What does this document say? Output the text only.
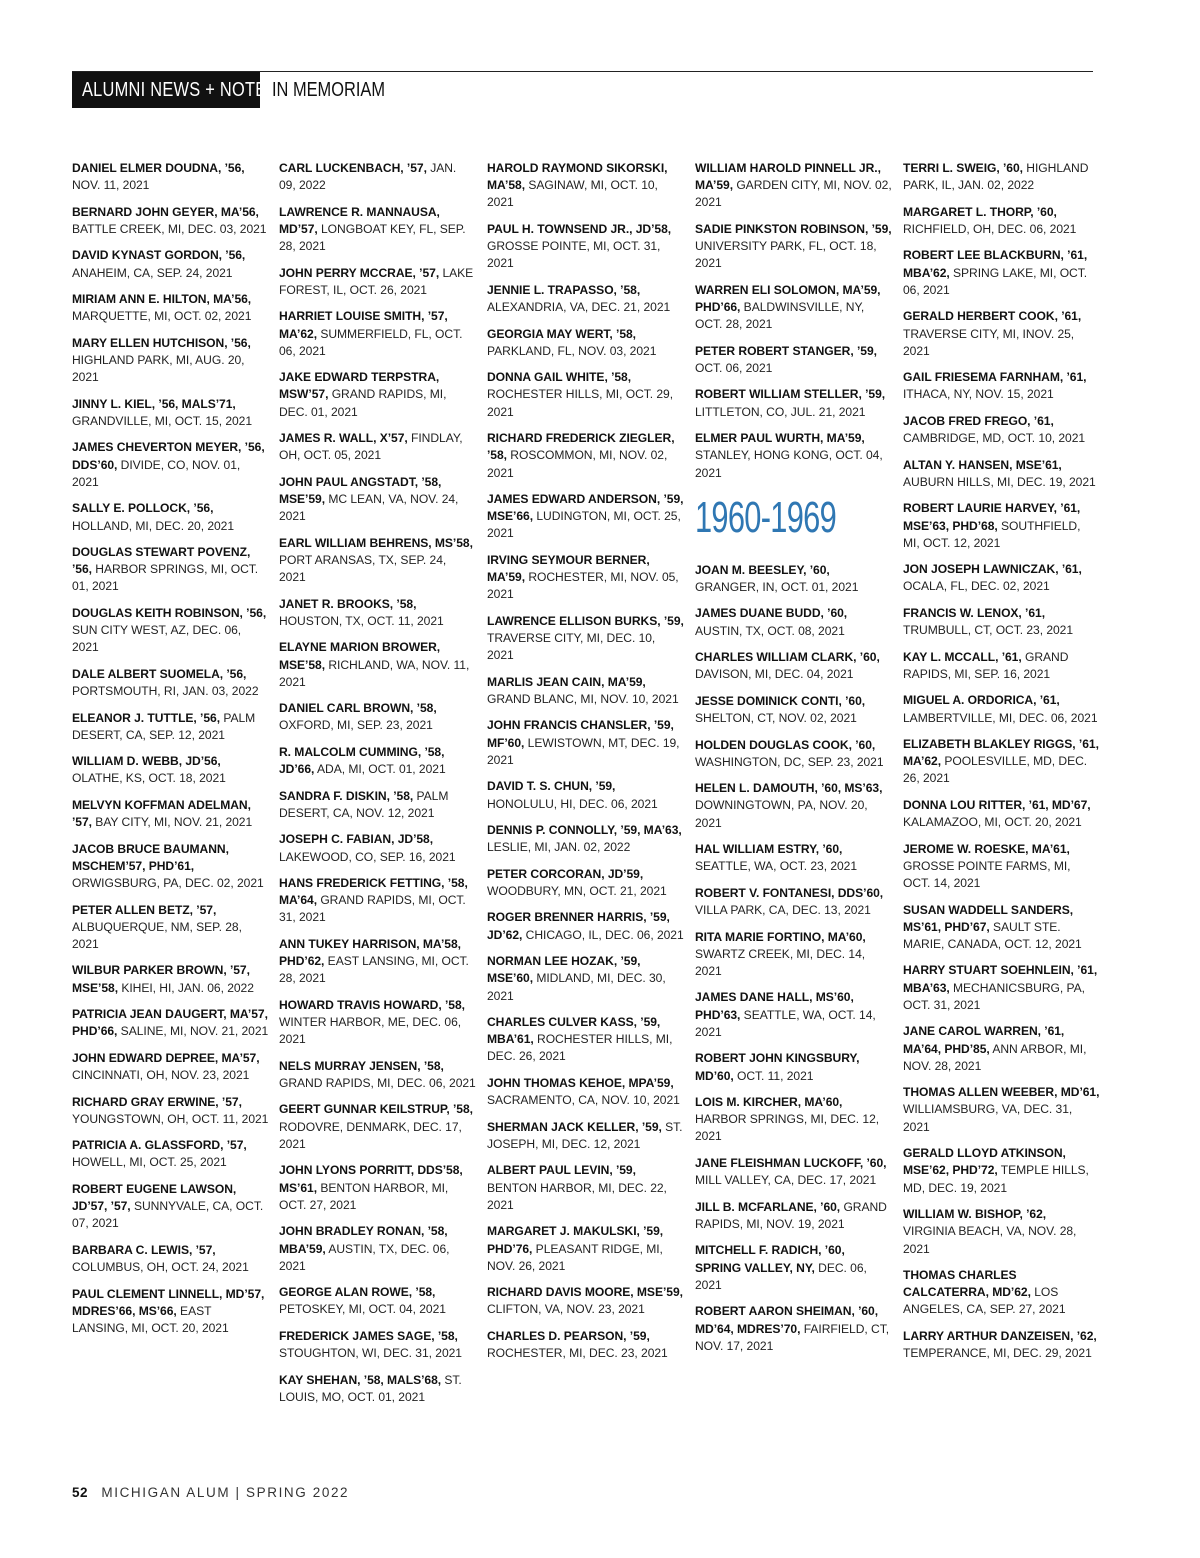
ALUMNI NEWS + NOTES
IN MEMORIAM
DANIEL ELMER DOUDNA, ’56, NOV. 11, 2021
BERNARD JOHN GEYER, MA’56, BATTLE CREEK, MI, DEC. 03, 2021
DAVID KYNAST GORDON, ’56, ANAHEIM, CA, SEP. 24, 2021
MIRIAM ANN E. HILTON, MA’56, MARQUETTE, MI, OCT. 02, 2021
MARY ELLEN HUTCHISON, ’56, HIGHLAND PARK, MI, AUG. 20, 2021
JINNY L. KIEL, ’56, MALS’71, GRANDVILLE, MI, OCT. 15, 2021
JAMES CHEVERTON MEYER, ’56, DDS’60, DIVIDE, CO, NOV. 01, 2021
SALLY E. POLLOCK, ’56, HOLLAND, MI, DEC. 20, 2021
DOUGLAS STEWART POVENZ, ’56, HARBOR SPRINGS, MI, OCT. 01, 2021
DOUGLAS KEITH ROBINSON, ’56, SUN CITY WEST, AZ, DEC. 06, 2021
DALE ALBERT SUOMELA, ’56, PORTSMOUTH, RI, JAN. 03, 2022
ELEANOR J. TUTTLE, ’56, PALM DESERT, CA, SEP. 12, 2021
WILLIAM D. WEBB, JD’56, OLATHE, KS, OCT. 18, 2021
MELVYN KOFFMAN ADELMAN, ’57, BAY CITY, MI, NOV. 21, 2021
JACOB BRUCE BAUMANN, MSCHEM’57, PHD’61, ORWIGSBURG, PA, DEC. 02, 2021
PETER ALLEN BETZ, ’57, ALBUQUERQUE, NM, SEP. 28, 2021
WILBUR PARKER BROWN, ’57, MSE’58, KIHEI, HI, JAN. 06, 2022
PATRICIA JEAN DAUGERT, MA’57, PHD’66, SALINE, MI, NOV. 21, 2021
JOHN EDWARD DEPREE, MA’57, CINCINNATI, OH, NOV. 23, 2021
RICHARD GRAY ERWINE, ’57, YOUNGSTOWN, OH, OCT. 11, 2021
PATRICIA A. GLASSFORD, ’57, HOWELL, MI, OCT. 25, 2021
ROBERT EUGENE LAWSON, JD’57, ’57, SUNNYVALE, CA, OCT. 07, 2021
BARBARA C. LEWIS, ’57, COLUMBUS, OH, OCT. 24, 2021
PAUL CLEMENT LINNELL, MD’57, MDRES’66, MS’66, EAST LANSING, MI, OCT. 20, 2021
CARL LUCKENBACH, ’57, JAN. 09, 2022
LAWRENCE R. MANNAUSA, MD’57, LONGBOAT KEY, FL, SEP. 28, 2021
JOHN PERRY MCCRAE, ’57, LAKE FOREST, IL, OCT. 26, 2021
HARRIET LOUISE SMITH, ’57, MA’62, SUMMERFIELD, FL, OCT. 06, 2021
JAKE EDWARD TERPSTRA, MSW’57, GRAND RAPIDS, MI, DEC. 01, 2021
JAMES R. WALL, X’57, FINDLAY, OH, OCT. 05, 2021
JOHN PAUL ANGSTADT, ’58, MSE’59, MC LEAN, VA, NOV. 24, 2021
EARL WILLIAM BEHRENS, MS’58, PORT ARANSAS, TX, SEP. 24, 2021
JANET R. BROOKS, ’58, HOUSTON, TX, OCT. 11, 2021
ELAYNE MARION BROWER, MSE’58, RICHLAND, WA, NOV. 11, 2021
DANIEL CARL BROWN, ’58, OXFORD, MI, SEP. 23, 2021
R. MALCOLM CUMMING, ’58, JD’66, ADA, MI, OCT. 01, 2021
SANDRA F. DISKIN, ’58, PALM DESERT, CA, NOV. 12, 2021
JOSEPH C. FABIAN, JD’58, LAKEWOOD, CO, SEP. 16, 2021
HANS FREDERICK FETTING, ’58, MA’64, GRAND RAPIDS, MI, OCT. 31, 2021
ANN TUKEY HARRISON, MA’58, PHD’62, EAST LANSING, MI, OCT. 28, 2021
HOWARD TRAVIS HOWARD, ’58, WINTER HARBOR, ME, DEC. 06, 2021
NELS MURRAY JENSEN, ’58, GRAND RAPIDS, MI, DEC. 06, 2021
GEERT GUNNAR KEILSTRUP, ’58, RODOVRE, DENMARK, DEC. 17, 2021
JOHN LYONS PORRITT, DDS’58, MS’61, BENTON HARBOR, MI, OCT. 27, 2021
JOHN BRADLEY RONAN, ’58, MBA’59, AUSTIN, TX, DEC. 06, 2021
GEORGE ALAN ROWE, ’58, PETOSKEY, MI, OCT. 04, 2021
FREDERICK JAMES SAGE, ’58, STOUGHTON, WI, DEC. 31, 2021
KAY SHEHAN, ’58, MALS’68, ST. LOUIS, MO, OCT. 01, 2021
HAROLD RAYMOND SIKORSKI, MA’58, SAGINAW, MI, OCT. 10, 2021
PAUL H. TOWNSEND JR., JD’58, GROSSE POINTE, MI, OCT. 31, 2021
JENNIE L. TRAPASSO, ’58, ALEXANDRIA, VA, DEC. 21, 2021
GEORGIA MAY WERT, ’58, PARKLAND, FL, NOV. 03, 2021
DONNA GAIL WHITE, ’58, ROCHESTER HILLS, MI, OCT. 29, 2021
RICHARD FREDERICK ZIEGLER, ’58, ROSCOMMON, MI, NOV. 02, 2021
JAMES EDWARD ANDERSON, ’59, MSE’66, LUDINGTON, MI, OCT. 25, 2021
IRVING SEYMOUR BERNER, MA’59, ROCHESTER, MI, NOV. 05, 2021
LAWRENCE ELLISON BURKS, ’59, TRAVERSE CITY, MI, DEC. 10, 2021
MARLIS JEAN CAIN, MA’59, GRAND BLANC, MI, NOV. 10, 2021
JOHN FRANCIS CHANSLER, ’59, MF’60, LEWISTOWN, MT, DEC. 19, 2021
DAVID T. S. CHUN, ’59, HONOLULU, HI, DEC. 06, 2021
DENNIS P. CONNOLLY, ’59, MA’63, LESLIE, MI, JAN. 02, 2022
PETER CORCORAN, JD’59, WOODBURY, MN, OCT. 21, 2021
ROGER BRENNER HARRIS, ’59, JD’62, CHICAGO, IL, DEC. 06, 2021
NORMAN LEE HOZAK, ’59, MSE’60, MIDLAND, MI, DEC. 30, 2021
CHARLES CULVER KASS, ’59, MBA’61, ROCHESTER HILLS, MI, DEC. 26, 2021
JOHN THOMAS KEHOE, MPA’59, SACRAMENTO, CA, NOV. 10, 2021
SHERMAN JACK KELLER, ’59, ST. JOSEPH, MI, DEC. 12, 2021
ALBERT PAUL LEVIN, ’59, BENTON HARBOR, MI, DEC. 22, 2021
MARGARET J. MAKULSKI, ’59, PHD’76, PLEASANT RIDGE, MI, NOV. 26, 2021
RICHARD DAVIS MOORE, MSE’59, CLIFTON, VA, NOV. 23, 2021
CHARLES D. PEARSON, ’59, ROCHESTER, MI, DEC. 23, 2021
WILLIAM HAROLD PINNELL JR., MA’59, GARDEN CITY, MI, NOV. 02, 2021
SADIE PINKSTON ROBINSON, ’59, UNIVERSITY PARK, FL, OCT. 18, 2021
WARREN ELI SOLOMON, MA’59, PHD’66, BALDWINSVILLE, NY, OCT. 28, 2021
PETER ROBERT STANGER, ’59, OCT. 06, 2021
ROBERT WILLIAM STELLER, ’59, LITTLETON, CO, JUL. 21, 2021
ELMER PAUL WURTH, MA’59, STANLEY, HONG KONG, OCT. 04, 2021
1960-1969
JOAN M. BEESLEY, ’60, GRANGER, IN, OCT. 01, 2021
JAMES DUANE BUDD, ’60, AUSTIN, TX, OCT. 08, 2021
CHARLES WILLIAM CLARK, ’60, DAVISON, MI, DEC. 04, 2021
JESSE DOMINICK CONTI, ’60, SHELTON, CT, NOV. 02, 2021
HOLDEN DOUGLAS COOK, ’60, WASHINGTON, DC, SEP. 23, 2021
HELEN L. DAMOUTH, ’60, MS’63, DOWNINGTOWN, PA, NOV. 20, 2021
HAL WILLIAM ESTRY, ’60, SEATTLE, WA, OCT. 23, 2021
ROBERT V. FONTANESI, DDS’60, VILLA PARK, CA, DEC. 13, 2021
RITA MARIE FORTINO, MA’60, SWARTZ CREEK, MI, DEC. 14, 2021
JAMES DANE HALL, MS’60, PHD’63, SEATTLE, WA, OCT. 14, 2021
ROBERT JOHN KINGSBURY, MD’60, OCT. 11, 2021
LOIS M. KIRCHER, MA’60, HARBOR SPRINGS, MI, DEC. 12, 2021
JANE FLEISHMAN LUCKOFF, ’60, MILL VALLEY, CA, DEC. 17, 2021
JILL B. MCFARLANE, ’60, GRAND RAPIDS, MI, NOV. 19, 2021
MITCHELL F. RADICH, ’60, SPRING VALLEY, NY, DEC. 06, 2021
ROBERT AARON SHEIMAN, ’60, MD’64, MDRES’70, FAIRFIELD, CT, NOV. 17, 2021
TERRI L. SWEIG, ’60, HIGHLAND PARK, IL, JAN. 02, 2022
MARGARET L. THORP, ’60, RICHFIELD, OH, DEC. 06, 2021
ROBERT LEE BLACKBURN, ’61, MBA’62, SPRING LAKE, MI, OCT. 06, 2021
GERALD HERBERT COOK, ’61, TRAVERSE CITY, MI, INOV. 25, 2021
GAIL FRIESEMA FARNHAM, ’61, ITHACA, NY, NOV. 15, 2021
JACOB FRED FREGO, ’61, CAMBRIDGE, MD, OCT. 10, 2021
ALTAN Y. HANSEN, MSE’61, AUBURN HILLS, MI, DEC. 19, 2021
ROBERT LAURIE HARVEY, ’61, MSE’63, PHD’68, SOUTHFIELD, MI, OCT. 12, 2021
JON JOSEPH LAWNICZAK, ’61, OCALA, FL, DEC. 02, 2021
FRANCIS W. LENOX, ’61, TRUMBULL, CT, OCT. 23, 2021
KAY L. MCCALL, ’61, GRAND RAPIDS, MI, SEP. 16, 2021
MIGUEL A. ORDORICA, ’61, LAMBERTVILLE, MI, DEC. 06, 2021
ELIZABETH BLAKLEY RIGGS, ’61, MA’62, POOLESVILLE, MD, DEC. 26, 2021
DONNA LOU RITTER, ’61, MD’67, KALAMAZOO, MI, OCT. 20, 2021
JEROME W. ROESKE, MA’61, GROSSE POINTE FARMS, MI, OCT. 14, 2021
SUSAN WADDELL SANDERS, MS’61, PHD’67, SAULT STE. MARIE, CANADA, OCT. 12, 2021
HARRY STUART SOEHNLEIN, ’61, MBA’63, MECHANICSBURG, PA, OCT. 31, 2021
JANE CAROL WARREN, ’61, MA’64, PHD’85, ANN ARBOR, MI, NOV. 28, 2021
THOMAS ALLEN WEEBER, MD’61, WILLIAMSBURG, VA, DEC. 31, 2021
GERALD LLOYD ATKINSON, MSE’62, PHD’72, TEMPLE HILLS, MD, DEC. 19, 2021
WILLIAM W. BISHOP, ’62, VIRGINIA BEACH, VA, NOV. 28, 2021
THOMAS CHARLES CALCATERRA, MD’62, LOS ANGELES, CA, SEP. 27, 2021
LARRY ARTHUR DANZEISEN, ’62, TEMPERANCE, MI, DEC. 29, 2021
52 MICHIGAN ALUM | SPRING 2022
